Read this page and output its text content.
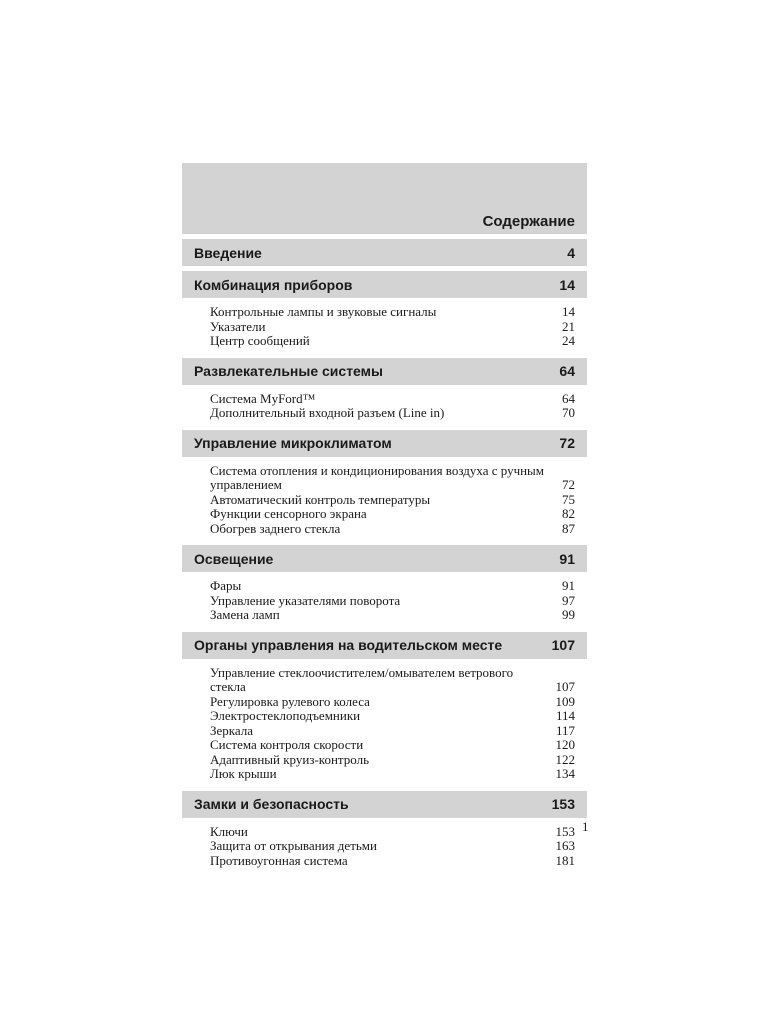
Содержание
Введение	4
Комбинация приборов	14
Контрольные лампы и звуковые сигналы	14
Указатели	21
Центр сообщений	24
Развлекательные системы	64
Система MyFord™	64
Дополнительный входной разъем (Line in)	70
Управление микроклиматом	72
Система отопления и кондиционирования воздуха с ручным управлением	72
Автоматический контроль температуры	75
Функции сенсорного экрана	82
Обогрев заднего стекла	87
Освещение	91
Фары	91
Управление указателями поворота	97
Замена ламп	99
Органы управления на водительском месте	107
Управление стеклоочистителем/омывателем ветрового стекла	107
Регулировка рулевого колеса	109
Электростеклоподъемники	114
Зеркала	117
Система контроля скорости	120
Адаптивный круиз-контроль	122
Люк крыши	134
Замки и безопасность	153
Ключи	153
Защита от открывания детьми	163
Противоугонная система	181
1
